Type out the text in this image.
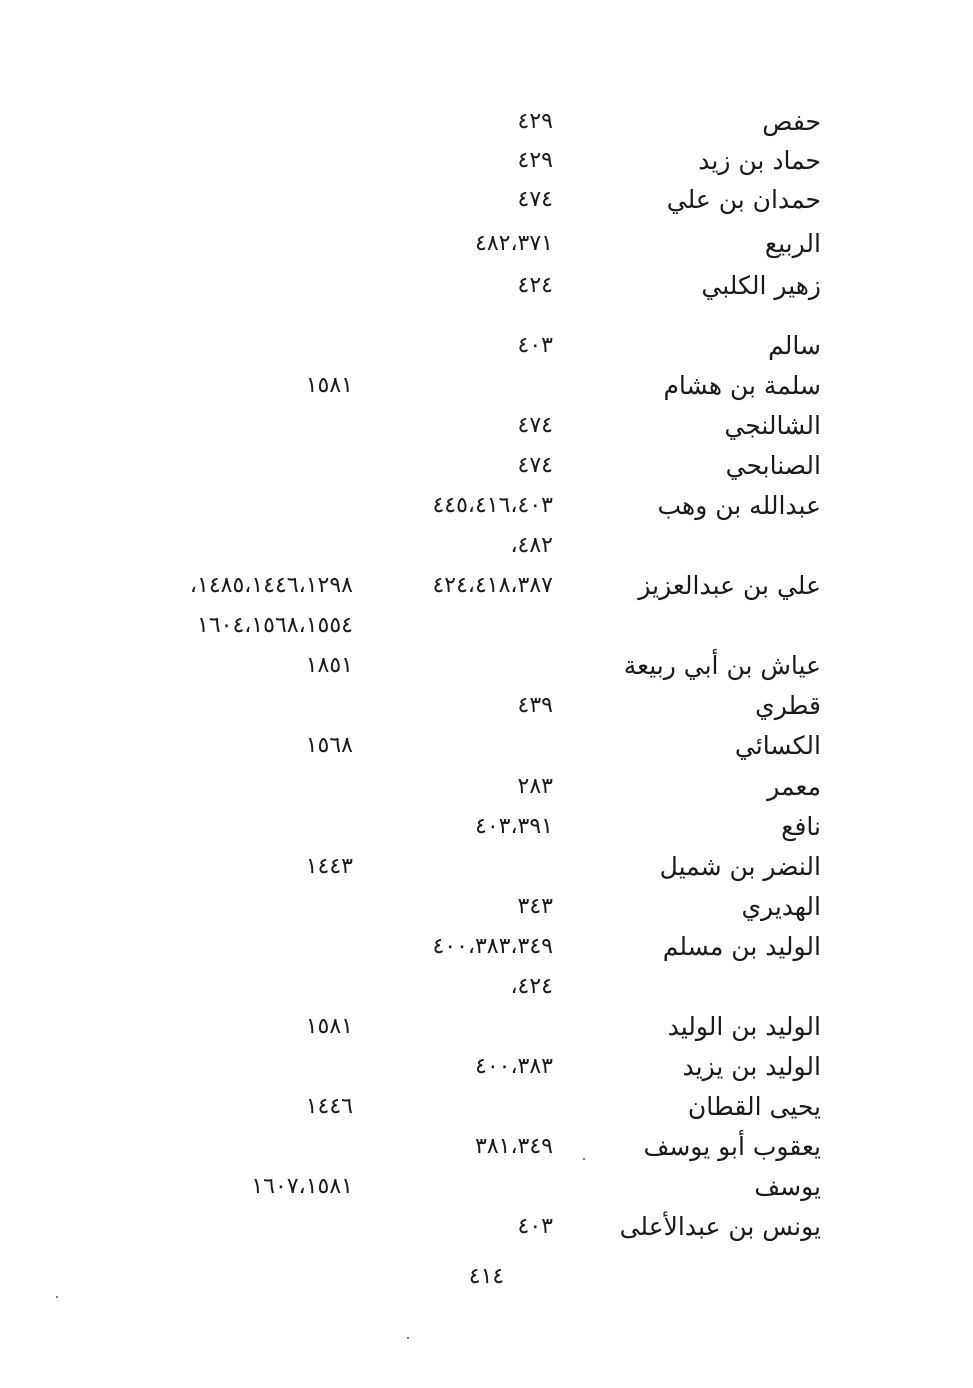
حفص
٤٢٩
حماد بن زيد
٤٢٩
حمدان بن علي
٤٧٤
الربيع
٤٨٢،٣٧١
زهير الكلبي
٤٢٤
سالم
٤٠٣
سلمة بن هشام
١٥٨١
الشالنجي
٤٧٤
الصنابحي
٤٧٤
عبدالله بن وهب
٤٤٥،٤١٦،٤٠٣
٤٨٢،
علي بن عبدالعزيز
٤٢٤،٤١٨،٣٨٧
١٤٨٥،١٤٤٦،١٢٩٨،
١٦٠٤،١٥٦٨،١٥٥٤
عياش بن أبي ربيعة
١٨٥١
قطري
٤٣٩
الكسائي
١٥٦٨
معمر
٢٨٣
نافع
٤٠٣،٣٩١
النضر بن شميل
١٤٤٣
الهديري
٣٤٣
الوليد بن مسلم
٤٠٠،٣٨٣،٣٤٩
٤٢٤،
الوليد بن الوليد
١٥٨١
الوليد بن يزيد
٤٠٠،٣٨٣
يحيى القطان
١٤٤٦
يعقوب أبو يوسف
٣٨١،٣٤٩
يوسف
١٦٠٧،١٥٨١
يونس بن عبدالأعلى
٤٠٣
٤١٤
